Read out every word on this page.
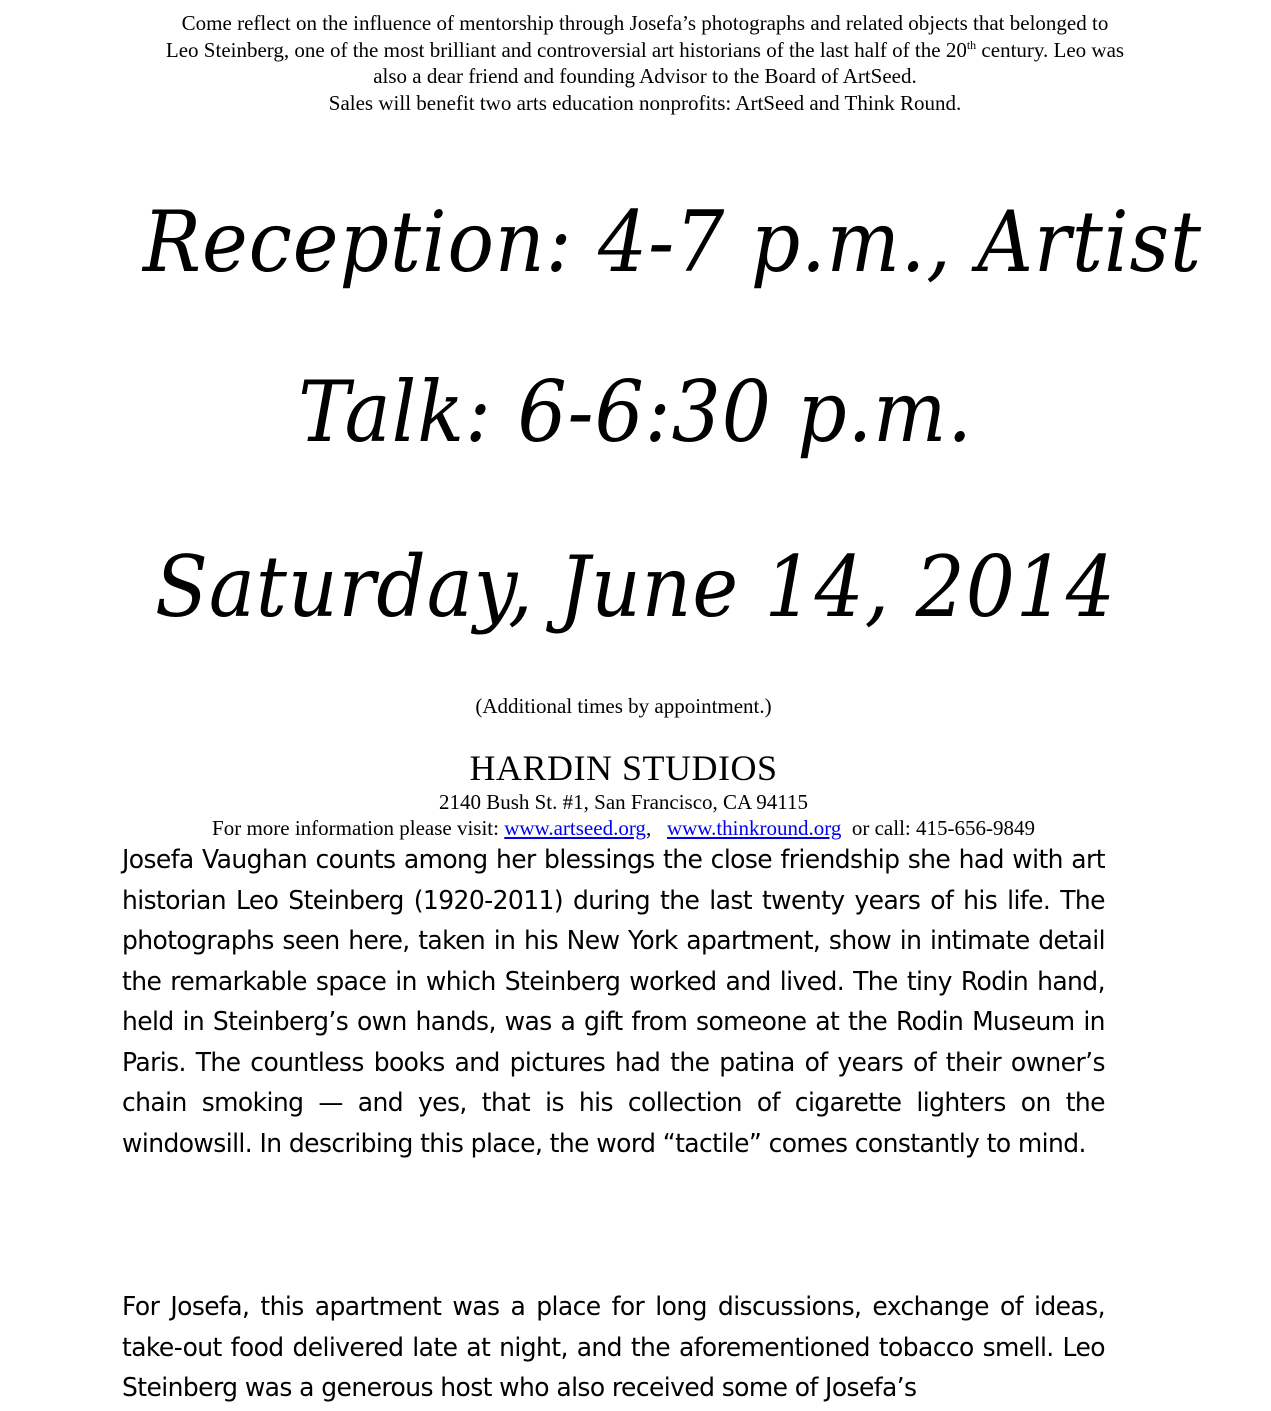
Come reflect on the influence of mentorship through Josefa’s photographs and related objects that belonged to
Leo Steinberg, one of the most brilliant and controversial art historians of the last half of the 20th century. Leo was
also a dear friend and founding Advisor to the Board of ArtSeed.
Sales will benefit two arts education nonprofits: ArtSeed and Think Round.
Reception: 4-7 p.m., Artist
Talk: 6-6:30 p.m.
Saturday, June 14, 2014
(Additional times by appointment.)
HARDIN STUDIOS
2140 Bush St. #1, San Francisco, CA 94115
For more information please visit: www.artseed.org,   www.thinkround.org  or call: 415-656-9849
Josefa Vaughan counts among her blessings the close friendship she had with art historian Leo Steinberg (1920-2011) during the last twenty years of his life. The photographs seen here, taken in his New York apartment, show in intimate detail the remarkable space in which Steinberg worked and lived. The tiny Rodin hand, held in Steinberg’s own hands, was a gift from someone at the Rodin Museum in Paris. The countless books and pictures had the patina of years of their owner’s chain smoking — and yes, that is his collection of cigarette lighters on the windowsill. In describing this place, the word “tactile” comes constantly to mind.
For Josefa, this apartment was a place for long discussions, exchange of ideas, take-out food delivered late at night, and the aforementioned tobacco smell. Leo Steinberg was a generous host who also received some of Josefa’s
